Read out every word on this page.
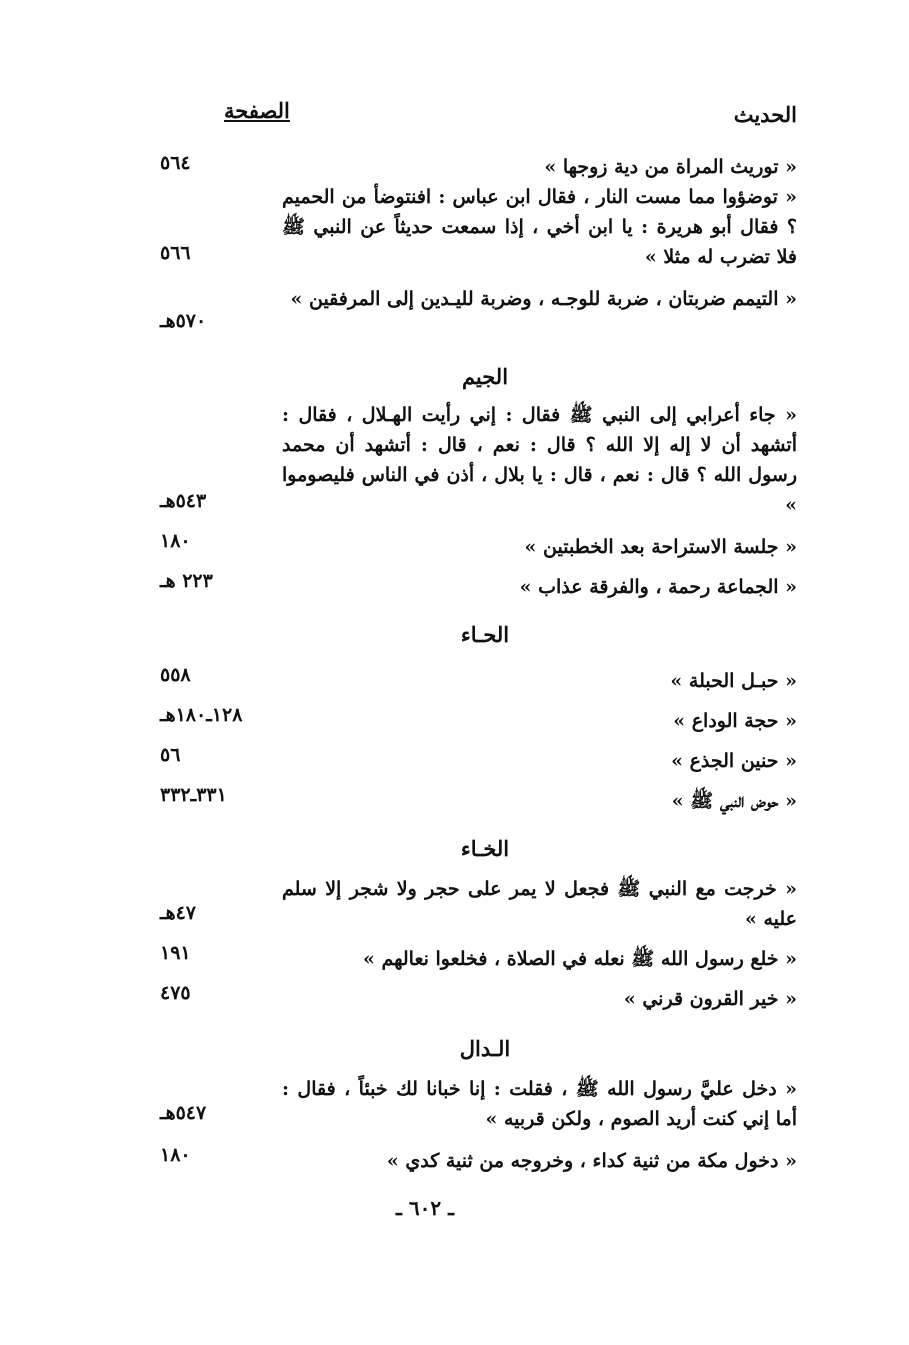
الحديث
الصفحة
« توريث المراة من دية زوجها »
٥٦٤
« توضؤوا مما مست النار ، فقال ابن عباس : افنتوضأ من الحميم ؟ فقال أبو هريرة : يا ابن أخي ، إذا سمعت حديثاً عن النبي ﷺ فلا تضرب له مثلا »
٥٦٦
« التيمم ضربتان ، ضربة للوجـه ، وضربة لليـدين إلى المرفقين »
٥٧٠هـ
الجيم
« جاء أعرابي إلى النبي ﷺ فقال : إني رأيت الهـلال ، فقال : أتشهد أن لا إله إلا الله ؟ قال : نعم ، قال : أتشهد أن محمد رسول الله ؟ قال : نعم ، قال : يا بلال ، أذن في الناس فليصوموا »
٥٤٣هـ
« جلسة الاستراحة بعد الخطبتين »
١٨٠
« الجماعة رحمة ، والفرقة عذاب »
٢٢٣ هـ
الحـاء
« حبـل الحبلة »
٥٥٨
« حجة الوداع »
١٢٨ـ١٨٠هـ
« حنين الجذع »
٥٦
« حوض النبي ﷺ »
٣٣١ـ٣٣٢
الخـاء
« خرجت مع النبي ﷺ فجعل لا يمر على حجر ولا شجر إلا سلم عليه »
٤٧هـ
« خلع رسول الله ﷺ نعله في الصلاة ، فخلعوا نعالهم »
١٩١
« خير القرون قرني »
٤٧٥
الـدال
« دخل عليَّ رسول الله ﷺ ، فقلت : إنا خبانا لك خبئاً ، فقال : أما إني كنت أريد الصوم ، ولكن قربيه »
٥٤٧هـ
« دخول مكة من ثنية كداء ، وخروجه من ثنية كدي »
١٨٠
ـ ٦٠٢ ـ
